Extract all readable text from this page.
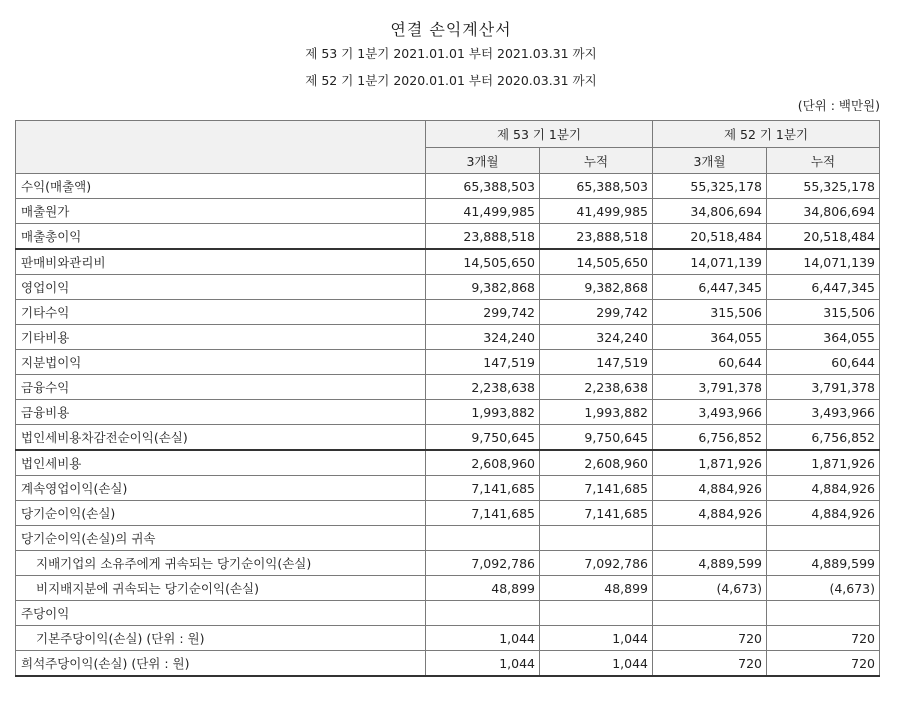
연결 손익계산서
제 53 기 1분기 2021.01.01 부터 2021.03.31 까지
제 52 기 1분기 2020.01.01 부터 2020.03.31 까지
(단위 : 백만원)
	제 53 기 1분기		제 52 기 1분기	
	3개월	누적	3개월	누적
수익(매출액)	65,388,503	65,388,503	55,325,178	55,325,178
매출원가	41,499,985	41,499,985	34,806,694	34,806,694
매출총이익	23,888,518	23,888,518	20,518,484	20,518,484
판매비와관리비	14,505,650	14,505,650	14,071,139	14,071,139
영업이익	9,382,868	9,382,868	6,447,345	6,447,345
기타수익	299,742	299,742	315,506	315,506
기타비용	324,240	324,240	364,055	364,055
지분법이익	147,519	147,519	60,644	60,644
금융수익	2,238,638	2,238,638	3,791,378	3,791,378
금융비용	1,993,882	1,993,882	3,493,966	3,493,966
법인세비용차감전순이익(손실)	9,750,645	9,750,645	6,756,852	6,756,852
법인세비용	2,608,960	2,608,960	1,871,926	1,871,926
계속영업이익(손실)	7,141,685	7,141,685	4,884,926	4,884,926
당기순이익(손실)	7,141,685	7,141,685	4,884,926	4,884,926
당기순이익(손실)의 귀속				
지배기업의 소유주에게 귀속되는 당기순이익(손실)	7,092,786	7,092,786	4,889,599	4,889,599
비지배지분에 귀속되는 당기순이익(손실)	48,899	48,899	(4,673)	(4,673)
주당이익				
기본주당이익(손실) (단위 : 원)	1,044	1,044	720	720
희석주당이익(손실) (단위 : 원)	1,044	1,044	720	720
